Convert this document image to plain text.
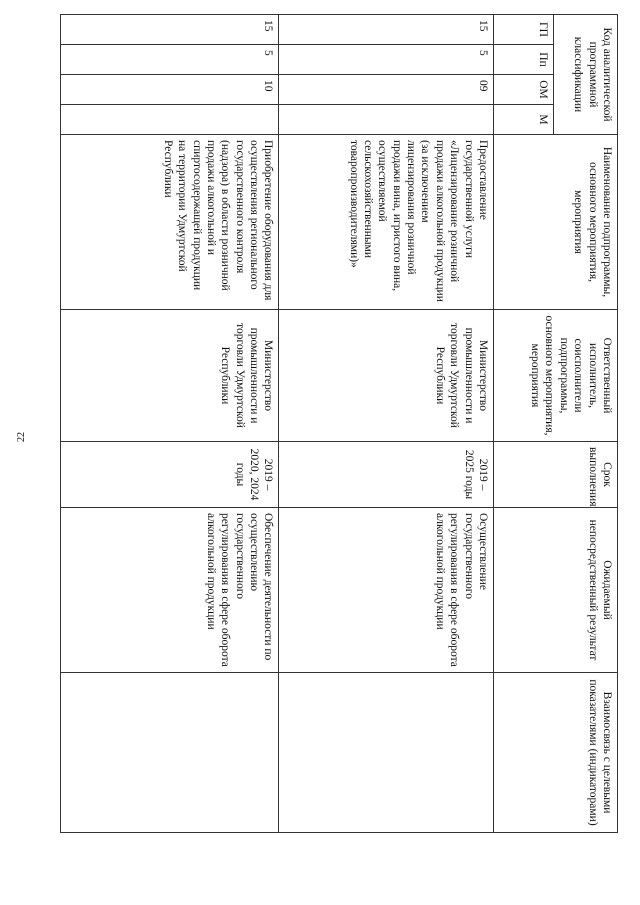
22
Код аналитической программной классификации				Наименование подпрограммы, основного мероприятия, мероприятия	Ответственный исполнитель, соисполнители подпрограммы, основного мероприятия, мероприятия	Срок выполнения	Ожидаемый непосредственный результат	Взаимосвязь с целевыми показателями (индикаторами)
ГП	Пп	ОМ	М					
15	5	09		Предоставление государственной услуги «Лицензирование розничной продажи алкогольной продукции (за исключением лицензирования розничной продажи вина, игристого вина, осуществляемой сельскохозяйственными товаропроизводителями)»	Министерство промышленности и торговли Удмуртской Республики	2019 – 2025 годы	Осуществление государственного регулирования в сфере оборота алкогольной продукции	
15	5	10		Приобретение оборудования для осуществления регионального государственного контроля (надзора) в области розничной продажи алкогольной и спиртосодержащей продукции на территории Удмуртской Республики	Министерство промышленности и торговли Удмуртской Республики	2019 – 2020, 2024 годы	Обеспечение деятельности по осуществлению государственного регулирования в сфере оборота алкогольной продукции	
